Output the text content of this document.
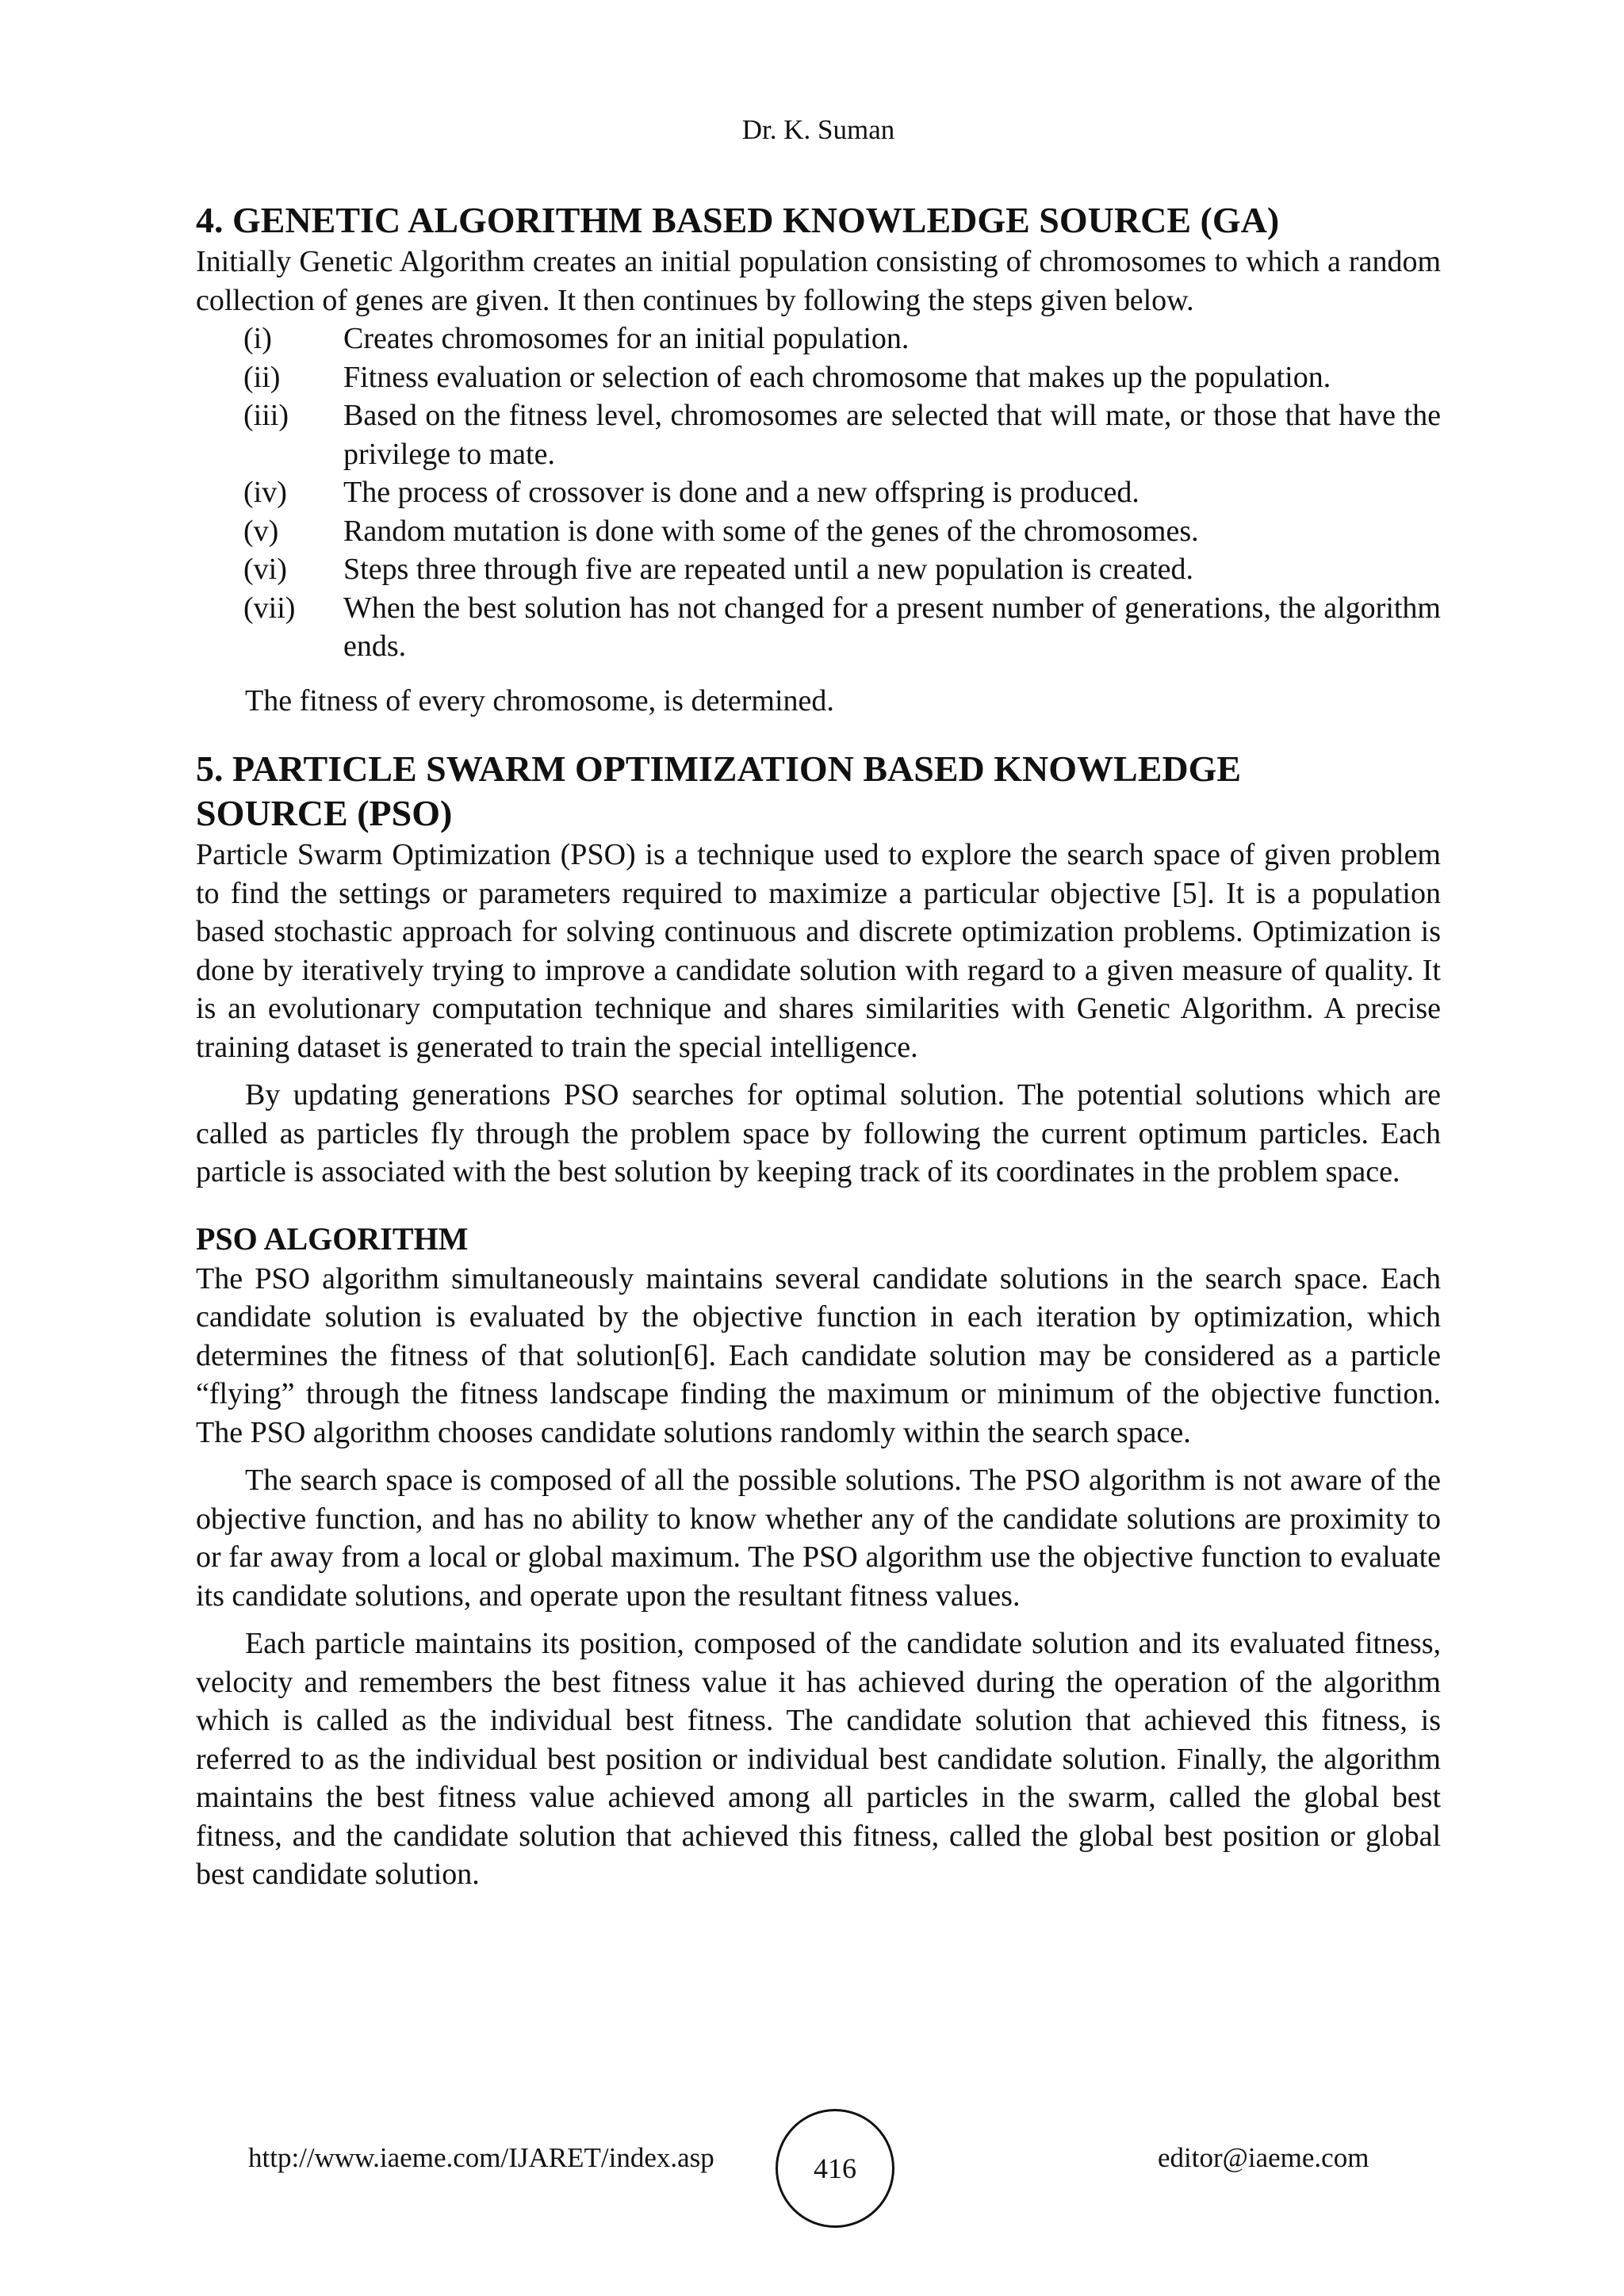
Dr. K. Suman
4. GENETIC ALGORITHM BASED KNOWLEDGE SOURCE (GA)

Initially Genetic Algorithm creates an initial population consisting of chromosomes to which a random collection of genes are given. It then continues by following the steps given below.

(i)	Creates chromosomes for an initial population.
(ii)	Fitness evaluation or selection of each chromosome that makes up the population.
(iii)	Based on the fitness level, chromosomes are selected that will mate, or those that have the privilege to mate.
(iv)	The process of crossover is done and a new offspring is produced.
(v)	Random mutation is done with some of the genes of the chromosomes.
(vi)	Steps three through five are repeated until a new population is created.
(vii)	When the best solution has not changed for a present number of generations, the algorithm ends.

The fitness of every chromosome, is determined.

5. PARTICLE SWARM OPTIMIZATION BASED KNOWLEDGE
SOURCE (PSO)

Particle Swarm Optimization (PSO) is a technique used to explore the search space of given problem to find the settings or parameters required to maximize a particular objective [5]. It is a population based stochastic approach for solving continuous and discrete optimization problems. Optimization is done by iteratively trying to improve a candidate solution with regard to a given measure of quality. It is an evolutionary computation technique and shares similarities with Genetic Algorithm. A precise training dataset is generated to train the special intelligence.

By updating generations PSO searches for optimal solution. The potential solutions which are called as particles fly through the problem space by following the current optimum particles. Each particle is associated with the best solution by keeping track of its coordinates in the problem space.

PSO ALGORITHM

The PSO algorithm simultaneously maintains several candidate solutions in the search space. Each candidate solution is evaluated by the objective function in each iteration by optimization, which determines the fitness of that solution[6]. Each candidate solution may be considered as a particle “flying” through the fitness landscape finding the maximum or minimum of the objective function. The PSO algorithm chooses candidate solutions randomly within the search space.

The search space is composed of all the possible solutions. The PSO algorithm is not aware of the objective function, and has no ability to know whether any of the candidate solutions are proximity to or far away from a local or global maximum. The PSO algorithm use the objective function to evaluate its candidate solutions, and operate upon the resultant fitness values.

Each particle maintains its position, composed of the candidate solution and its evaluated fitness, velocity and remembers the best fitness value it has achieved during the operation of the algorithm which is called as the individual best fitness. The candidate solution that achieved this fitness, is referred to as the individual best position or individual best candidate solution. Finally, the algorithm maintains the best fitness value achieved among all particles in the swarm, called the global best fitness, and the candidate solution that achieved this fitness, called the global best position or global best candidate solution.

http://www.iaeme.com/IJARET/index.asp	416	editor@iaeme.com
